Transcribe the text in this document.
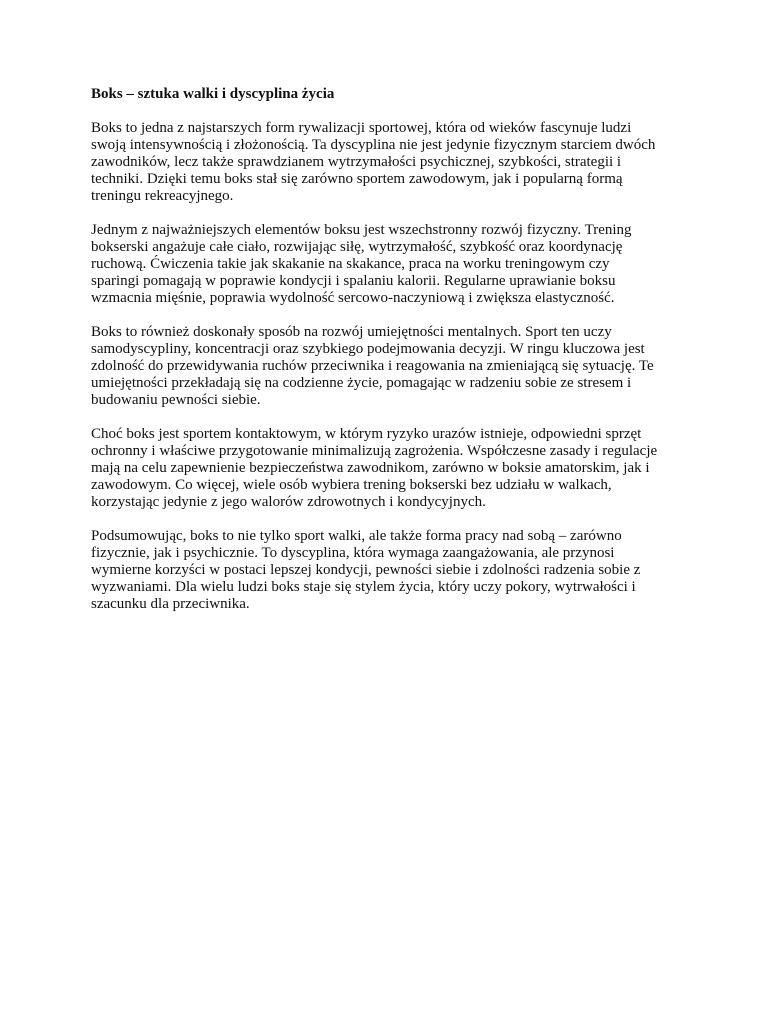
Boks – sztuka walki i dyscyplina życia
Boks to jedna z najstarszych form rywalizacji sportowej, która od wieków fascynuje ludzi
swoją intensywnością i złożonością. Ta dyscyplina nie jest jedynie fizycznym starciem dwóch
zawodników, lecz także sprawdzianem wytrzymałości psychicznej, szybkości, strategii i
techniki. Dzięki temu boks stał się zarówno sportem zawodowym, jak i popularną formą
treningu rekreacyjnego.
Jednym z najważniejszych elementów boksu jest wszechstronny rozwój fizyczny. Trening
bokserski angażuje całe ciało, rozwijając siłę, wytrzymałość, szybkość oraz koordynację
ruchową. Ćwiczenia takie jak skakanie na skakance, praca na worku treningowym czy
sparingi pomagają w poprawie kondycji i spalaniu kalorii. Regularne uprawianie boksu
wzmacnia mięśnie, poprawia wydolność sercowo-naczyniową i zwiększa elastyczność.
Boks to również doskonały sposób na rozwój umiejętności mentalnych. Sport ten uczy
samodyscypliny, koncentracji oraz szybkiego podejmowania decyzji. W ringu kluczowa jest
zdolność do przewidywania ruchów przeciwnika i reagowania na zmieniającą się sytuację. Te
umiejętności przekładają się na codzienne życie, pomagając w radzeniu sobie ze stresem i
budowaniu pewności siebie.
Choć boks jest sportem kontaktowym, w którym ryzyko urazów istnieje, odpowiedni sprzęt
ochronny i właściwe przygotowanie minimalizują zagrożenia. Współczesne zasady i regulacje
mają na celu zapewnienie bezpieczeństwa zawodnikom, zarówno w boksie amatorskim, jak i
zawodowym. Co więcej, wiele osób wybiera trening bokserski bez udziału w walkach,
korzystając jedynie z jego walorów zdrowotnych i kondycyjnych.
Podsumowując, boks to nie tylko sport walki, ale także forma pracy nad sobą – zarówno
fizycznie, jak i psychicznie. To dyscyplina, która wymaga zaangażowania, ale przynosi
wymierne korzyści w postaci lepszej kondycji, pewności siebie i zdolności radzenia sobie z
wyzwaniami. Dla wielu ludzi boks staje się stylem życia, który uczy pokory, wytrwałości i
szacunku dla przeciwnika.
